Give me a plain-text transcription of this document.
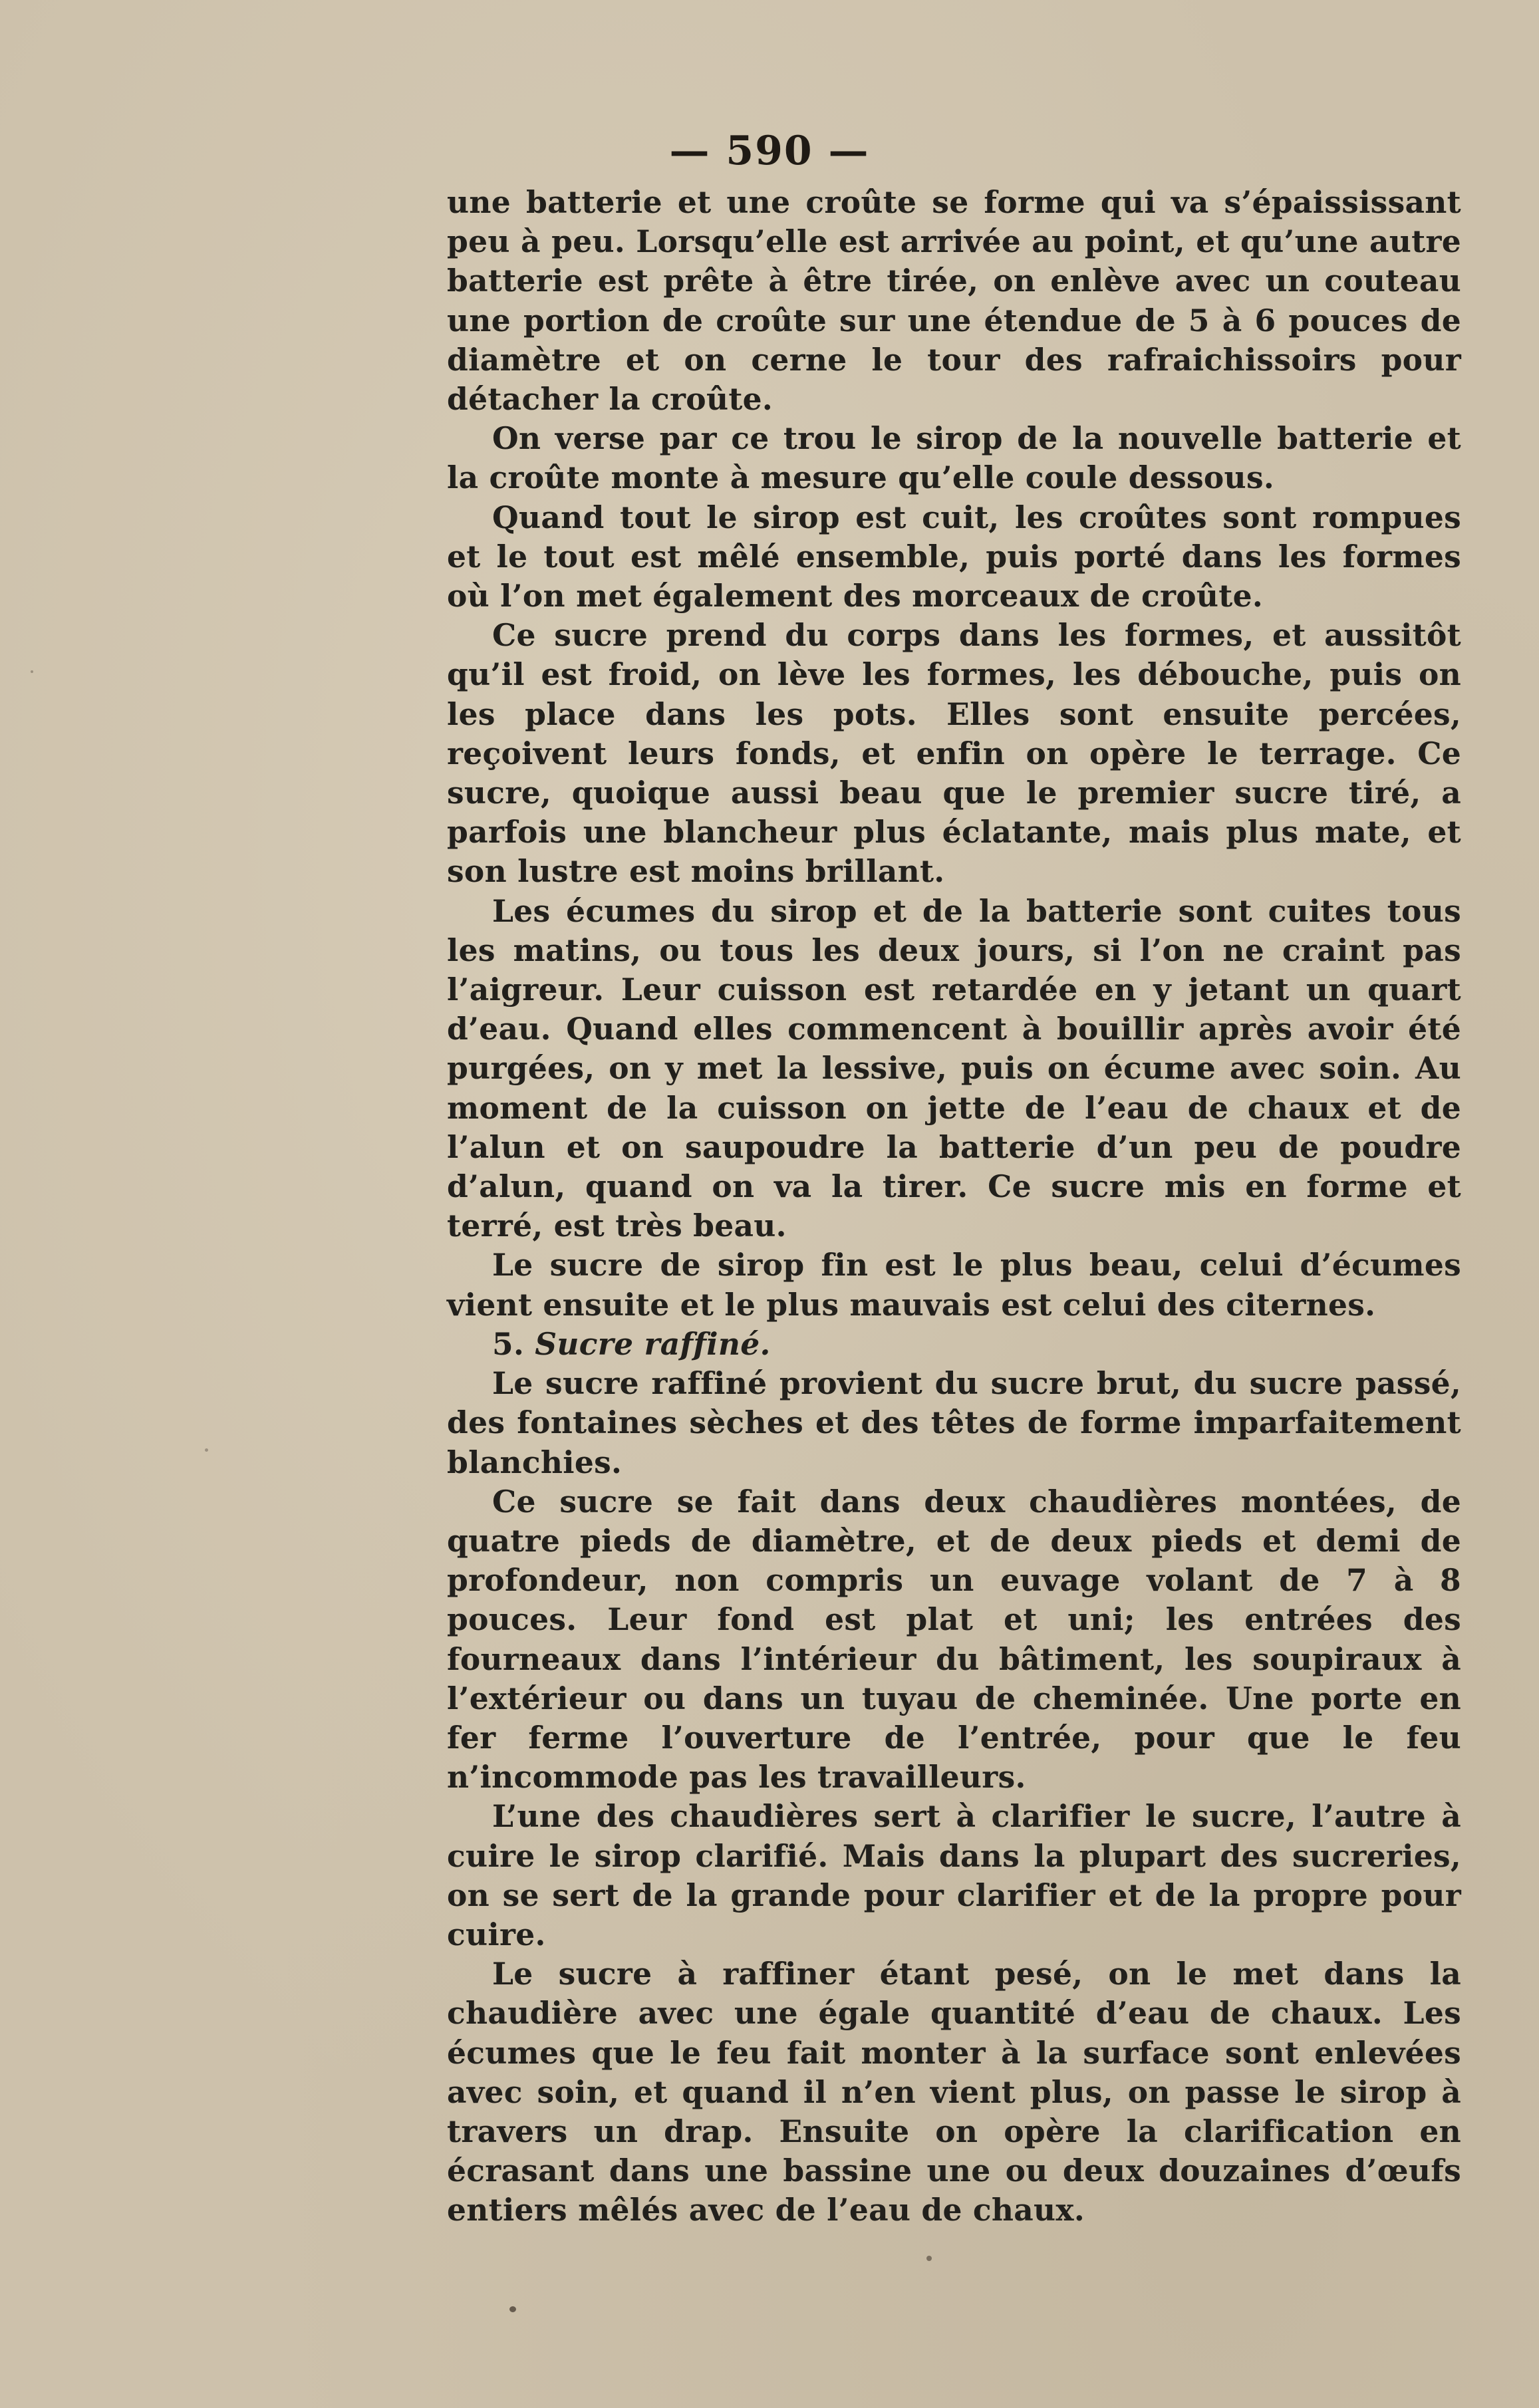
— 590 —

une batterie et une croûte se forme qui va s’épaississant peu à peu. Lorsqu’elle est arrivée au point, et qu’une autre batterie est prête à être tirée, on enlève avec un couteau une portion de croûte sur une étendue de 5 à 6 pouces de diamètre et on cerne le tour des rafraichissoirs pour détacher la croûte.

On verse par ce trou le sirop de la nouvelle batterie et la croûte monte à mesure qu’elle coule dessous.

Quand tout le sirop est cuit, les croûtes sont rompues et le tout est mêlé ensemble, puis porté dans les formes où l’on met également des morceaux de croûte.

Ce sucre prend du corps dans les formes, et aussitôt qu’il est froid, on lève les formes, les débouche, puis on les place dans les pots. Elles sont ensuite percées, reçoivent leurs fonds, et enfin on opère le terrage. Ce sucre, quoique aussi beau que le premier sucre tiré, a parfois une blancheur plus éclatante, mais plus mate, et son lustre est moins brillant.

Les écumes du sirop et de la batterie sont cuites tous les matins, ou tous les deux jours, si l’on ne craint pas l’aigreur. Leur cuisson est retardée en y jetant un quart d’eau. Quand elles commencent à bouillir après avoir été purgées, on y met la lessive, puis on écume avec soin. Au moment de la cuisson on jette de l’eau de chaux et de l’alun et on saupoudre la batterie d’un peu de poudre d’alun, quand on va la tirer. Ce sucre mis en forme et terré, est très beau.

Le sucre de sirop fin est le plus beau, celui d’écumes vient ensuite et le plus mauvais est celui des citernes.

5. Sucre raffiné.

Le sucre raffiné provient du sucre brut, du sucre passé, des fontaines sèches et des têtes de forme imparfaitement blanchies.

Ce sucre se fait dans deux chaudières montées, de quatre pieds de diamètre, et de deux pieds et demi de profondeur, non compris un euvage volant de 7 à 8 pouces. Leur fond est plat et uni; les entrées des fourneaux dans l’intérieur du bâtiment, les soupiraux à l’extérieur ou dans un tuyau de cheminée. Une porte en fer ferme l’ouverture de l’entrée, pour que le feu n’incommode pas les travailleurs.

L’une des chaudières sert à clarifier le sucre, l’autre à cuire le sirop clarifié. Mais dans la plupart des sucreries, on se sert de la grande pour clarifier et de la propre pour cuire.

Le sucre à raffiner étant pesé, on le met dans la chaudière avec une égale quantité d’eau de chaux. Les écumes que le feu fait monter à la surface sont enlevées avec soin, et quand il n’en vient plus, on passe le sirop à travers un drap. Ensuite on opère la clarification en écrasant dans une bassine une ou deux douzaines d’œufs entiers mêlés avec de l’eau de chaux.
